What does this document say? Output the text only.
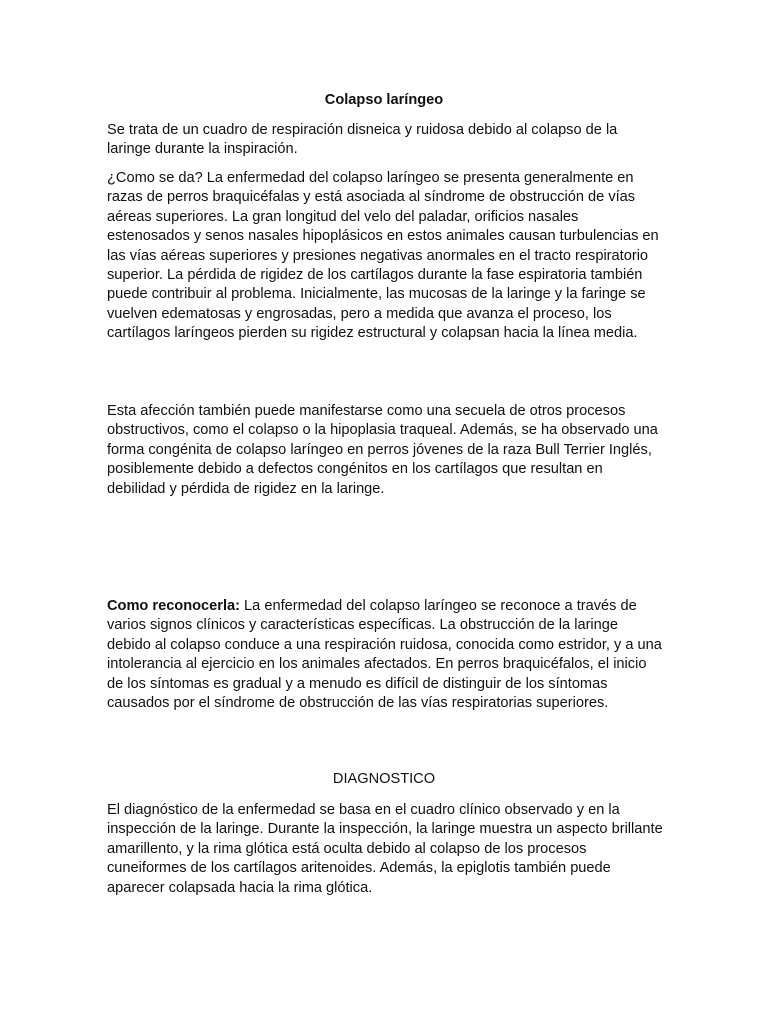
Colapso laríngeo

Se trata de un cuadro de respiración disneica y ruidosa debido al colapso de la laringe durante la inspiración.

¿Como se da? La enfermedad del colapso laríngeo se presenta generalmente en razas de perros braquicéfalas y está asociada al síndrome de obstrucción de vías aéreas superiores. La gran longitud del velo del paladar, orificios nasales estenosados y senos nasales hipoplásicos en estos animales causan turbulencias en las vías aéreas superiores y presiones negativas anormales en el tracto respiratorio superior. La pérdida de rigidez de los cartílagos durante la fase espiratoria también puede contribuir al problema. Inicialmente, las mucosas de la laringe y la faringe se vuelven edematosas y engrosadas, pero a medida que avanza el proceso, los cartílagos laríngeos pierden su rigidez estructural y colapsan hacia la línea media.

Esta afección también puede manifestarse como una secuela de otros procesos obstructivos, como el colapso o la hipoplasia traqueal. Además, se ha observado una forma congénita de colapso laríngeo en perros jóvenes de la raza Bull Terrier Inglés, posiblemente debido a defectos congénitos en los cartílagos que resultan en debilidad y pérdida de rigidez en la laringe.

Como reconocerla: La enfermedad del colapso laríngeo se reconoce a través de varios signos clínicos y características específicas. La obstrucción de la laringe debido al colapso conduce a una respiración ruidosa, conocida como estridor, y a una intolerancia al ejercicio en los animales afectados. En perros braquicéfalos, el inicio de los síntomas es gradual y a menudo es difícil de distinguir de los síntomas causados por el síndrome de obstrucción de las vías respiratorias superiores.

DIAGNOSTICO

El diagnóstico de la enfermedad se basa en el cuadro clínico observado y en la inspección de la laringe. Durante la inspección, la laringe muestra un aspecto brillante amarillento, y la rima glótica está oculta debido al colapso de los procesos cuneiformes de los cartílagos aritenoides. Además, la epiglotis también puede aparecer colapsada hacia la rima glótica.
